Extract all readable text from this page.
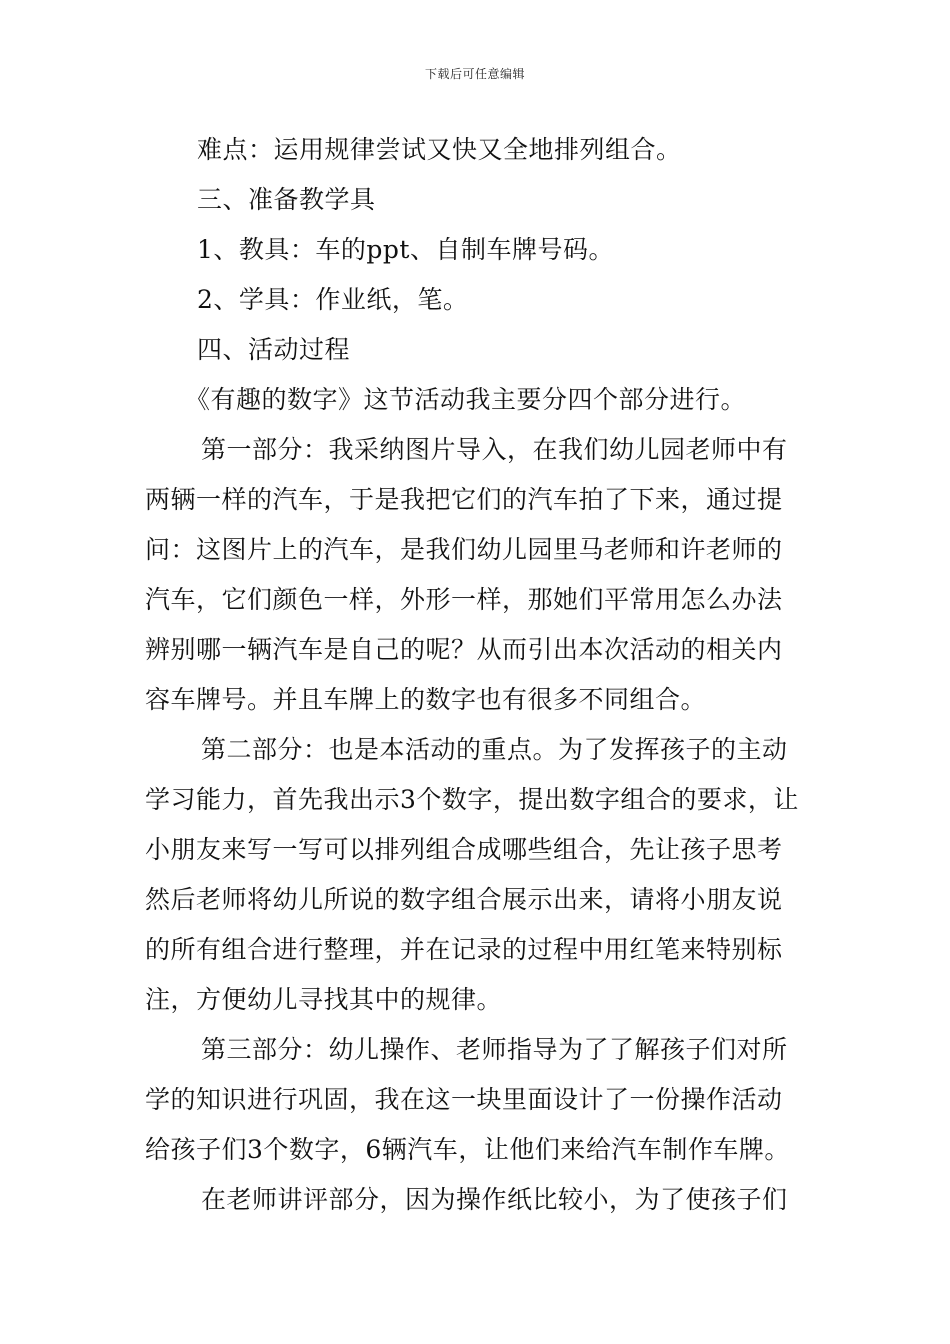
下载后可任意编辑
难点：运用规律尝试又快又全地排列组合。
三、准备教学具
1、教具：车的ppt、自制车牌号码。
2、学具：作业纸，笔。
四、活动过程
《有趣的数字》这节活动我主要分四个部分进行。
第一部分：我采纳图片导入，在我们幼儿园老师中有
两辆一样的汽车，于是我把它们的汽车拍了下来，通过提
问：这图片上的汽车，是我们幼儿园里马老师和许老师的
汽车，它们颜色一样，外形一样，那她们平常用怎么办法
辨别哪一辆汽车是自己的呢？从而引出本次活动的相关内
容车牌号。并且车牌上的数字也有很多不同组合。
第二部分：也是本活动的重点。为了发挥孩子的主动
学习能力，首先我出示3个数字，提出数字组合的要求，让
小朋友来写一写可以排列组合成哪些组合，先让孩子思考
然后老师将幼儿所说的数字组合展示出来，请将小朋友说
的所有组合进行整理，并在记录的过程中用红笔来特别标
注，方便幼儿寻找其中的规律。
第三部分：幼儿操作、老师指导为了了解孩子们对所
学的知识进行巩固，我在这一块里面设计了一份操作活动
给孩子们3个数字，6辆汽车，让他们来给汽车制作车牌。
在老师讲评部分，因为操作纸比较小，为了使孩子们
